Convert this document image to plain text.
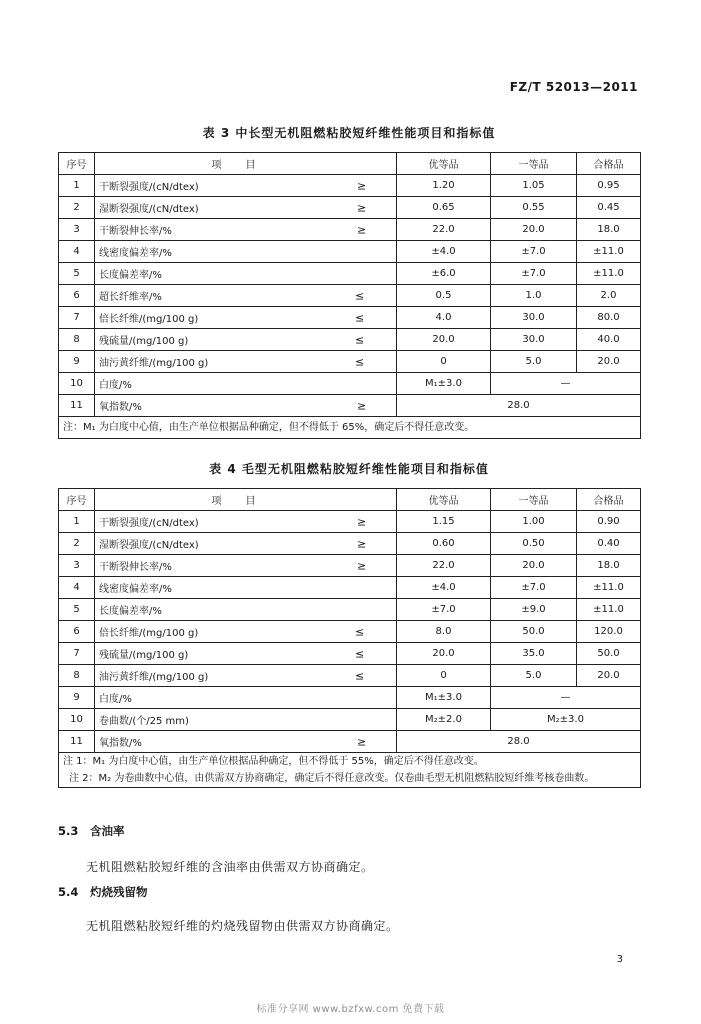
FZ/T 52013—2011
表 3 中长型无机阻燃粘胶短纤维性能项目和指标值
序号	项目	优等品	一等品	合格品
1	干断裂强度/(cN/dtex) ≥	1.20	1.05	0.95
2	湿断裂强度/(cN/dtex) ≥	0.65	0.55	0.45
3	干断裂伸长率/% ≥	22.0	20.0	18.0
4	线密度偏差率/%	±4.0	±7.0	±11.0
5	长度偏差率/%	±6.0	±7.0	±11.0
6	超长纤维率/% ≤	0.5	1.0	2.0
7	倍长纤维/(mg/100 g) ≤	4.0	30.0	80.0
8	残硫量/(mg/100 g) ≤	20.0	30.0	40.0
9	油污黄纤维/(mg/100 g) ≤	0	5.0	20.0
10	白度/%	M₁±3.0	—	
11	氧指数/% ≥	28.0		
注：M₁ 为白度中心值，由生产单位根据品种确定，但不得低于 65%，确定后不得任意改变。				
表 4 毛型无机阻燃粘胶短纤维性能项目和指标值
序号	项目	优等品	一等品	合格品
1	干断裂强度/(cN/dtex) ≥	1.15	1.00	0.90
2	湿断裂强度/(cN/dtex) ≥	0.60	0.50	0.40
3	干断裂伸长率/% ≥	22.0	20.0	18.0
4	线密度偏差率/%	±4.0	±7.0	±11.0
5	长度偏差率/%	±7.0	±9.0	±11.0
6	倍长纤维/(mg/100 g) ≤	8.0	50.0	120.0
7	残硫量/(mg/100 g) ≤	20.0	35.0	50.0
8	油污黄纤维/(mg/100 g) ≤	0	5.0	20.0
9	白度/%	M₁±3.0	—	
10	卷曲数/(个/25 mm)	M₂±2.0	M₂±3.0	
11	氧指数/% ≥	28.0		

注 1：M₁ 为白度中心值，由生产单位根据品种确定，但不得低于 55%，确定后不得任意改变。
注 2：M₂ 为卷曲数中心值，由供需双方协商确定，确定后不得任意改变。仅卷曲毛型无机阻燃粘胶短纤维考核卷曲数。				
5.3 含油率
无机阻燃粘胶短纤维的含油率由供需双方协商确定。
5.4 灼烧残留物
无机阻燃粘胶短纤维的灼烧残留物由供需双方协商确定。
3
标准分享网 www.bzfxw.com 免费下载
